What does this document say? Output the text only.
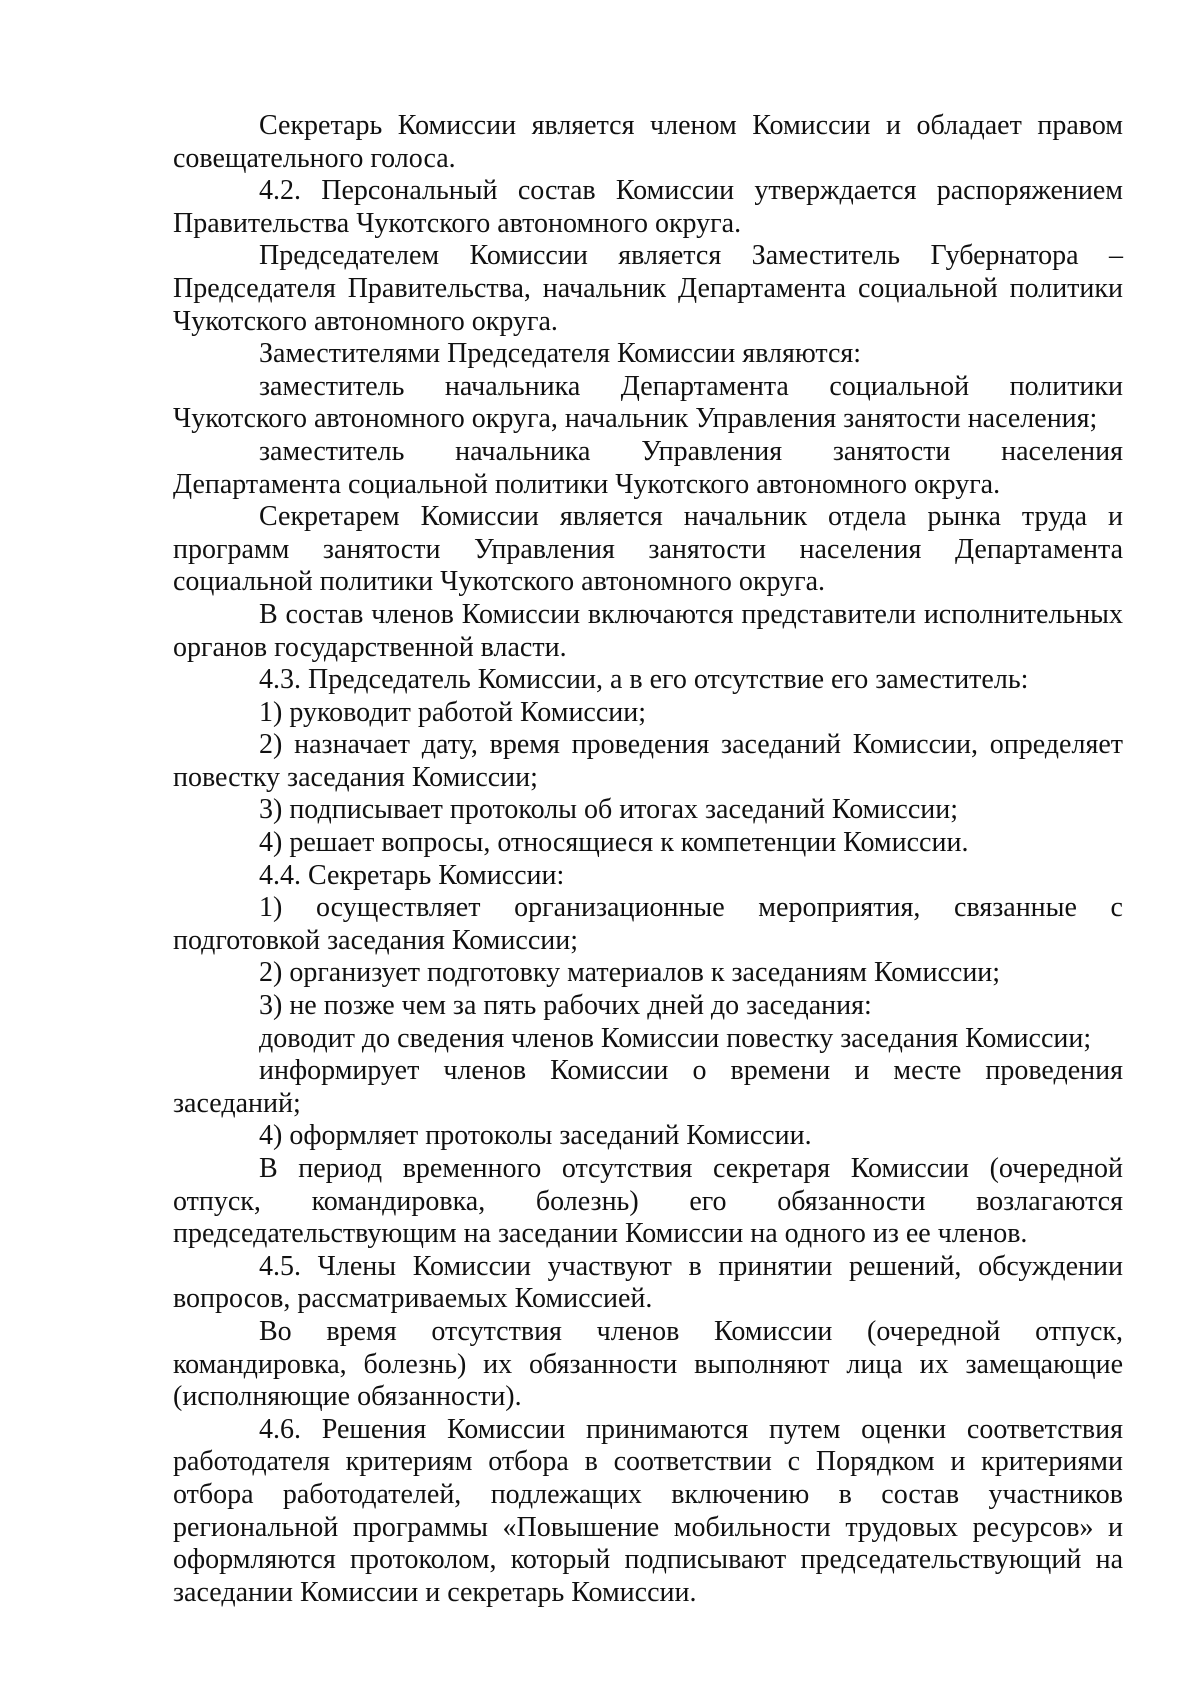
Секретарь Комиссии является членом Комиссии и обладает правом совещательного голоса.

4.2. Персональный состав Комиссии утверждается распоряжением Правительства Чукотского автономного округа.

Председателем Комиссии является Заместитель Губернатора – Председателя Правительства, начальник Департамента социальной политики Чукотского автономного округа.

Заместителями Председателя Комиссии являются:

заместитель начальника Департамента социальной политики Чукотского автономного округа, начальник Управления занятости населения;

заместитель начальника Управления занятости населения Департамента социальной политики Чукотского автономного округа.

Секретарем Комиссии является начальник отдела рынка труда и программ занятости Управления занятости населения Департамента социальной политики Чукотского автономного округа.

В состав членов Комиссии включаются представители исполнительных органов государственной власти.

4.3. Председатель Комиссии, а в его отсутствие его заместитель:

1) руководит работой Комиссии;

2) назначает дату, время проведения заседаний Комиссии, определяет повестку заседания Комиссии;

3) подписывает протоколы об итогах заседаний Комиссии;

4) решает вопросы, относящиеся к компетенции Комиссии.

4.4. Секретарь Комиссии:

1) осуществляет организационные мероприятия, связанные с подготовкой заседания Комиссии;

2) организует подготовку материалов к заседаниям Комиссии;

3) не позже чем за пять рабочих дней до заседания:

доводит до сведения членов Комиссии повестку заседания Комиссии;

информирует членов Комиссии о времени и месте проведения заседаний;

4) оформляет протоколы заседаний Комиссии.

В период временного отсутствия секретаря Комиссии (очередной отпуск, командировка, болезнь) его обязанности возлагаются председательствующим на заседании Комиссии на одного из ее членов.

4.5. Члены Комиссии участвуют в принятии решений, обсуждении вопросов, рассматриваемых Комиссией.

Во время отсутствия членов Комиссии (очередной отпуск, командировка, болезнь) их обязанности выполняют лица их замещающие (исполняющие обязанности).

4.6. Решения Комиссии принимаются путем оценки соответствия работодателя критериям отбора в соответствии с Порядком и критериями отбора работодателей, подлежащих включению в состав участников региональной программы «Повышение мобильности трудовых ресурсов» и оформляются протоколом, который подписывают председательствующий на заседании Комиссии и секретарь Комиссии.
